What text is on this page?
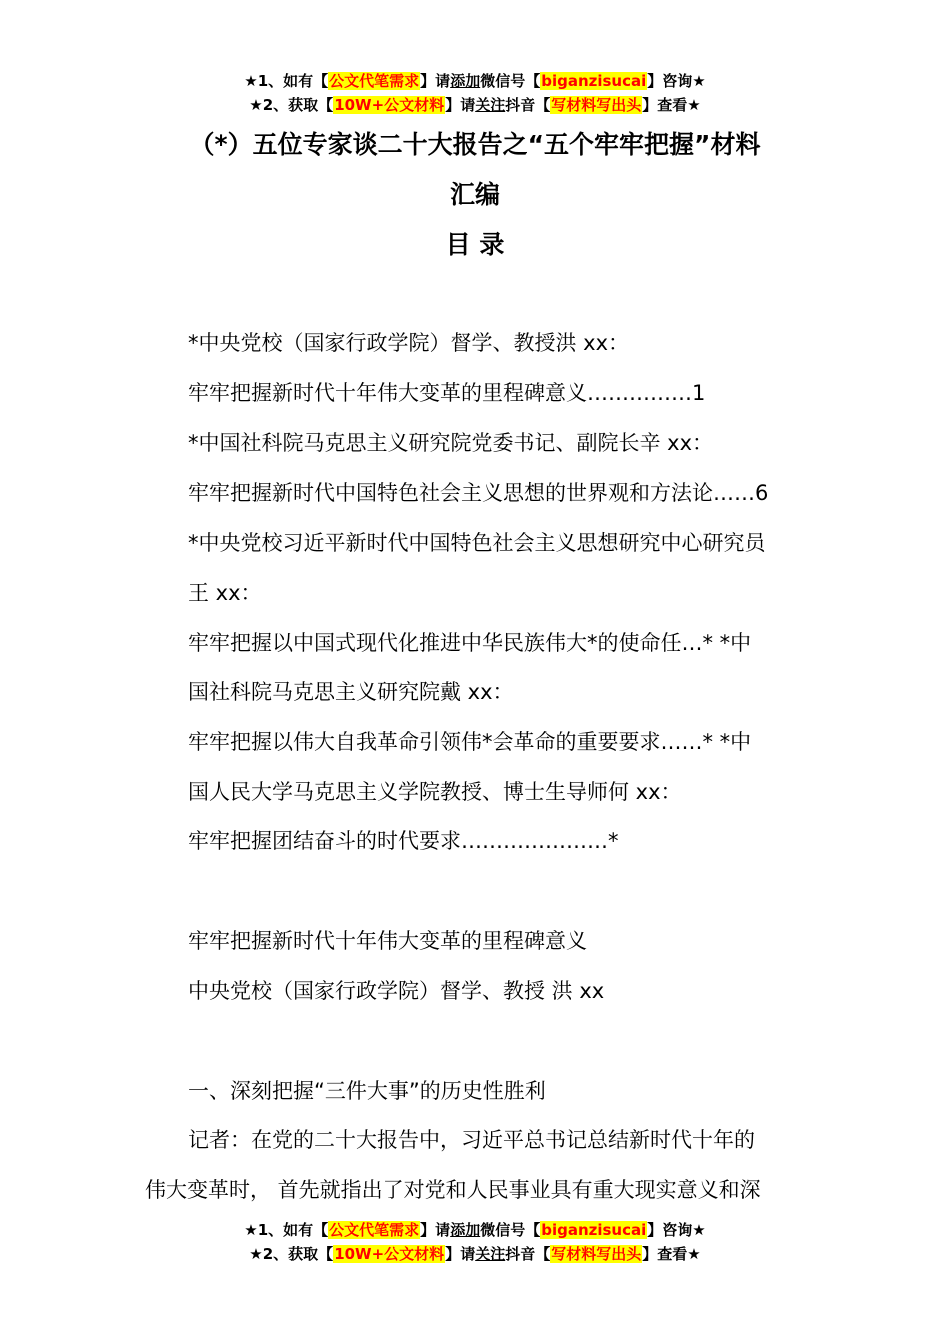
★1、如有【公文代笔需求】请添加微信号【biganzisucai】咨询★
★2、获取【10W+公文材料】请关注抖音【写材料写出头】查看★
（*）五位专家谈二十大报告之“五个牢牢把握”材料
汇编
目 录
*中央党校（国家行政学院）督学、教授洪 xx：
牢牢把握新时代十年伟大变革的里程碑意义……………1
*中国社科院马克思主义研究院党委书记、副院长辛 xx：
牢牢把握新时代中国特色社会主义思想的世界观和方法论……6
*中央党校习近平新时代中国特色社会主义思想研究中心研究员
王 xx：
牢牢把握以中国式现代化推进中华民族伟大*的使命任…* *中
国社科院马克思主义研究院戴 xx：
牢牢把握以伟大自我革命引领伟*会革命的重要要求……* *中
国人民大学马克思主义学院教授、博士生导师何 xx：
牢牢把握团结奋斗的时代要求…………………*
牢牢把握新时代十年伟大变革的里程碑意义
中央党校（国家行政学院）督学、教授 洪 xx
一、深刻把握“三件大事”的历史性胜利
记者：在党的二十大报告中，习近平总书记总结新时代十年的
伟大变革时， 首先就指出了对党和人民事业具有重大现实意义和深
★1、如有【公文代笔需求】请添加微信号【biganzisucai】咨询★
★2、获取【10W+公文材料】请关注抖音【写材料写出头】查看★
